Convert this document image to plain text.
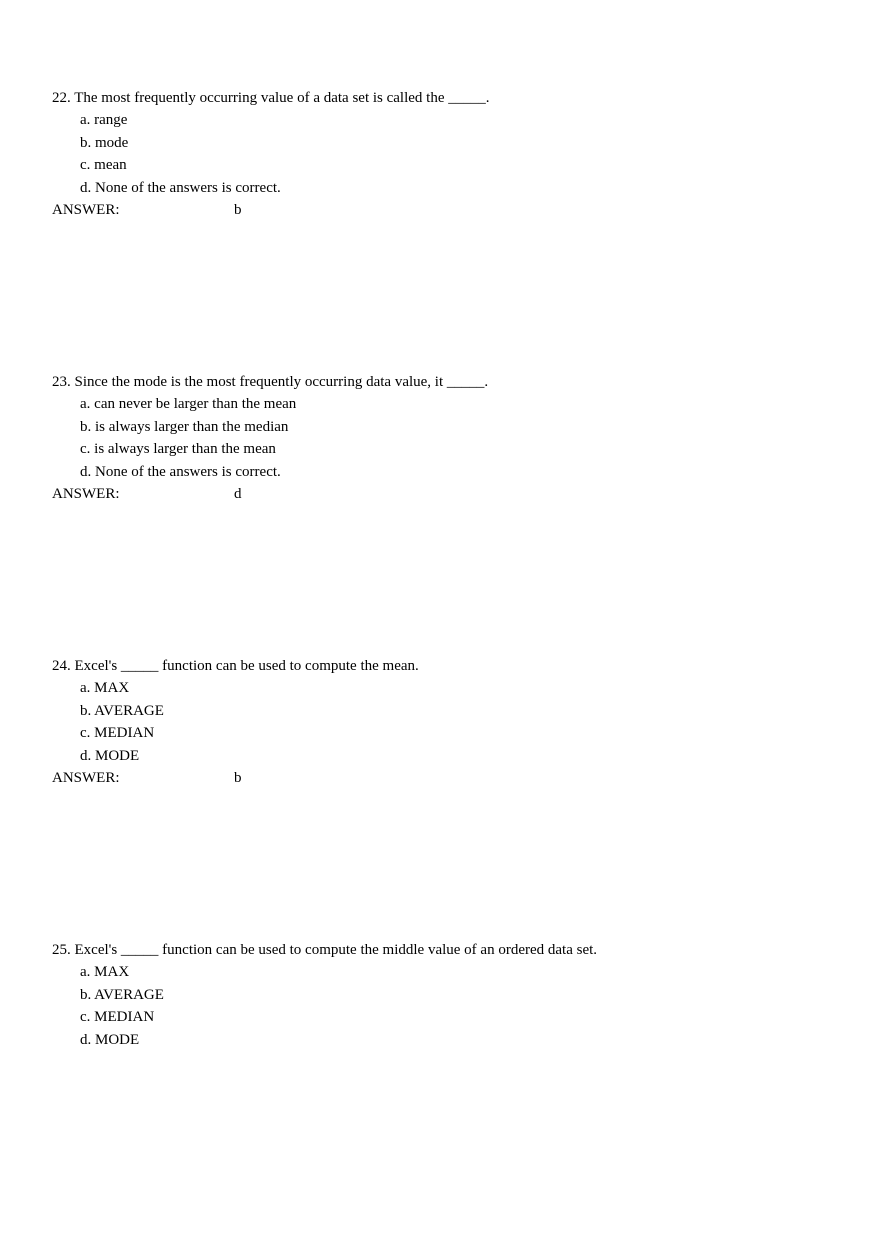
22. The most frequently occurring value of a data set is called the _____.
a. range
b. mode
c. mean
d. None of the answers is correct.
ANSWER:	b
23. Since the mode is the most frequently occurring data value, it _____.
a. can never be larger than the mean
b. is always larger than the median
c. is always larger than the mean
d. None of the answers is correct.
ANSWER:	d
24. Excel's _____ function can be used to compute the mean.
a. MAX
b. AVERAGE
c. MEDIAN
d. MODE
ANSWER:	b
25. Excel's _____ function can be used to compute the middle value of an ordered data set.
a. MAX
b. AVERAGE
c. MEDIAN
d. MODE
